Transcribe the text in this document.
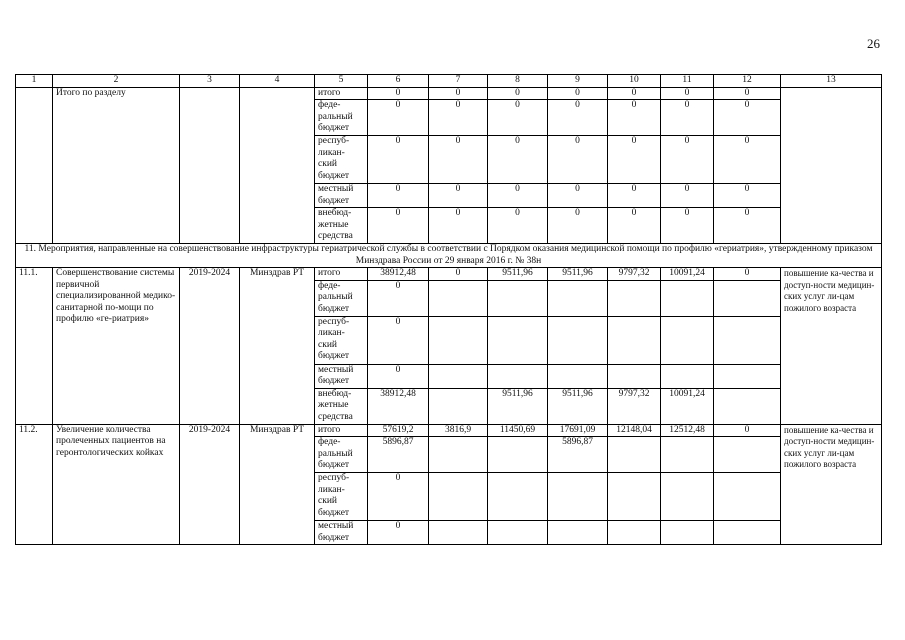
26
1	2	3	4	5	6	7	8	9	10	11	12	13
	Итого по разделу			итого	0	0	0	0	0	0	0	
				феде-
ральный
бюджет	0	0	0	0	0	0	0	
				респуб-
ликан-
ский
бюджет	0	0	0	0	0	0	0	
				местный
бюджет	0	0	0	0	0	0	0	
				внебюд-
жетные
средства	0	0	0	0	0	0	0	
11. Мероприятия, направленные на совершенствование инфраструктуры гериатрической службы в соответствии с Порядком оказания медицинской помощи по профилю «гериатрия», утвержденному приказом Минздрава России от 29 января 2016 г. № 38н												
11.1.	Совершенствование системы первичной специализированной медико-санитарной по-мощи по профилю «ге-риатрия»	2019-2024	Минздрав РТ	итого	38912,48	0	9511,96	9511,96	9797,32	10091,24	0	повышение ка-чества и доступ-ности медицин-ских услуг ли-цам пожилого возраста
				феде-
ральный
бюджет	0							
				респуб-
ликан-
ский
бюджет	0							
				местный
бюджет	0							
				внебюд-
жетные
средства	38912,48		9511,96	9511,96	9797,32	10091,24		
11.2.	Увеличение количества пролеченных пациентов на геронтологических койках	2019-2024	Минздрав РТ	итого	57619,2	3816,9	11450,69	17691,09	12148,04	12512,48	0	повышение ка-чества и доступ-ности медицин-ских услуг ли-цам пожилого возраста
				феде-
ральный
бюджет	5896,87			5896,87				
				респуб-
ликан-
ский
бюджет	0							
				местный
бюджет	0							
